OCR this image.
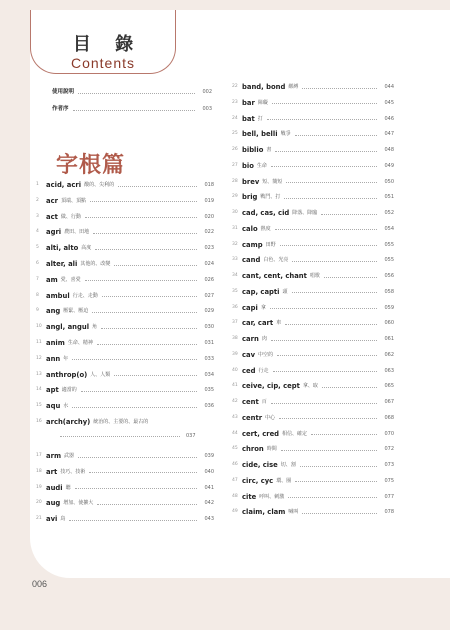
目 錄
Contents
使用說明	002
作者序	003
字根篇
1	acid, acri 酸的、尖利的	018
2	acr 頂端、頂點	019
3	act 做、行動	020
4	agri 農田、田地	022
5	alti, alto 高度	023
6	alter, ali 其他的、改變	024
7	am 愛、喜愛	026
8	ambul 行走、走動	027
9	ang 壓緊、壓迫	029
10 angl, angul 角	030
11 anim 生命、精神	031
12 ann 年	033
13 anthrop(o) 人、人類	034
14 apt 適當的	035
15 aqu 水	036
16 arch(archy) 統治的、主要的、最古的
037
17 arm 武器	039
18 art 技巧、技術	040
19 audi 聽	041
20 aug 增加、使擴大	042
21 avi 鳥	043
22 band, bond 綁縛	044
23 bar 障礙	045
24 bat 打	046
25 bell, belli 戰爭	047
26 biblio 書	048
27 bio 生命	049
28 brev 短、簡短	050
29 brig 戰鬥、打	051
30 cad, cas, cid 降落、降臨	052
31 calo 熱度	054
32 camp 田野	055
33 cand 白色、光亮	055
34 cant, cent, chant 唱歌	056
35 cap, capti 頭	058
36 capi 拿	059
37 car, cart 車	060
38 carn 肉	061
39 cav 中空的	062
40 ced 行走	063
41 ceive, cip, cept 拿、取	065
42 cent 百	067
43 centr 中心	068
44 cert, cred 相信、確定	070
45 chron 時間	072
46 cide, cise 切、割	073
47 circ, cyc 環、圈	075
48 cite 呼叫、刺激	077
49 claim, clam 喊叫	078
006
